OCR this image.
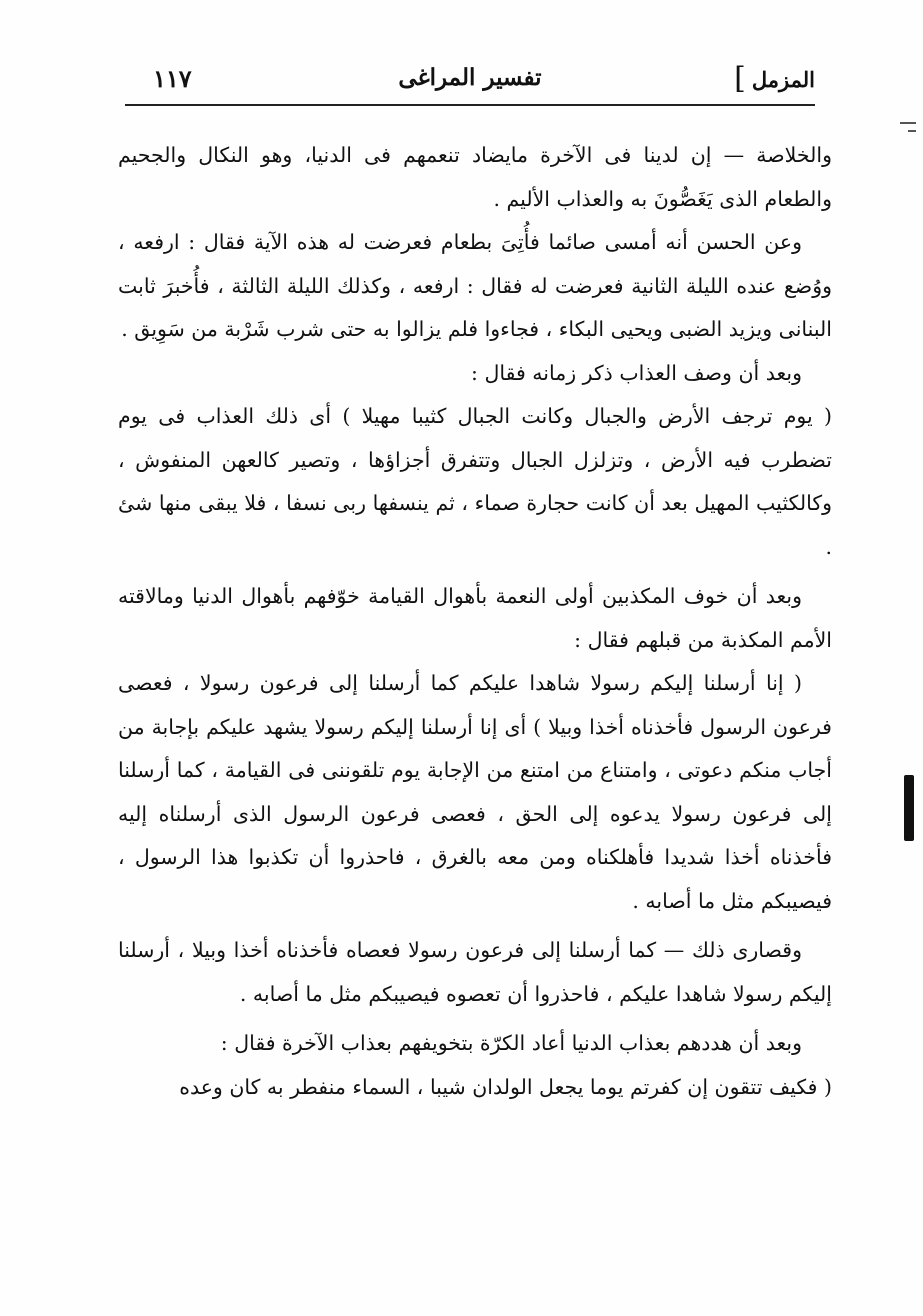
المزمل
]
تفسير المراغى
١١٧

والخلاصة — إن لدينا فى الآخرة مايضاد تنعمهم فى الدنيا، وهو النكال والجحيم والطعام الذى يَغَصُّونَ به والعذاب الأليم .

وعن الحسن أنه أمسى صائما فأُتِىَ بطعام فعرضت له هذه الآية فقال : ارفعه ، ووُضع عنده الليلة الثانية فعرضت له فقال : ارفعه ، وكذلك الليلة الثالثة ، فأُخبرَ ثابت البنانى ويزيد الضبى ويحيى البكاء ، فجاءوا فلم يزالوا به حتى شرب شَرْبة من سَوِيق .

وبعد أن وصف العذاب ذكر زمانه فقال :

( يوم ترجف الأرض والجبال وكانت الجبال كثيبا مهيلا ) أى ذلك العذاب فى يوم تضطرب فيه الأرض ، وتزلزل الجبال وتتفرق أجزاؤها ، وتصير كالعهن المنفوش ، وكالكثيب المهيل بعد أن كانت حجارة صماء ، ثم ينسفها ربى نسفا ، فلا يبقى منها شئ .

وبعد أن خوف المكذبين أولى النعمة بأهوال القيامة خوّفهم بأهوال الدنيا ومالاقته الأمم المكذبة من قبلهم فقال :

( إنا أرسلنا إليكم رسولا شاهدا عليكم كما أرسلنا إلى فرعون رسولا ، فعصى فرعون الرسول فأخذناه أخذا وبيلا ) أى إنا أرسلنا إليكم رسولا يشهد عليكم بإجابة من أجاب منكم دعوتى ، وامتناع من امتنع من الإجابة يوم تلقوننى فى القيامة ، كما أرسلنا إلى فرعون رسولا يدعوه إلى الحق ، فعصى فرعون الرسول الذى أرسلناه إليه فأخذناه أخذا شديدا فأهلكناه ومن معه بالغرق ، فاحذروا أن تكذبوا هذا الرسول ، فيصيبكم مثل ما أصابه .

وقصارى ذلك — كما أرسلنا إلى فرعون رسولا فعصاه فأخذناه أخذا وبيلا ، أرسلنا إليكم رسولا شاهدا عليكم ، فاحذروا أن تعصوه فيصيبكم مثل ما أصابه .

وبعد أن هددهم بعذاب الدنيا أعاد الكرّة بتخويفهم بعذاب الآخرة فقال :

( فكيف تتقون إن كفرتم يوما يجعل الولدان شيبا ، السماء منفطر به كان وعده
